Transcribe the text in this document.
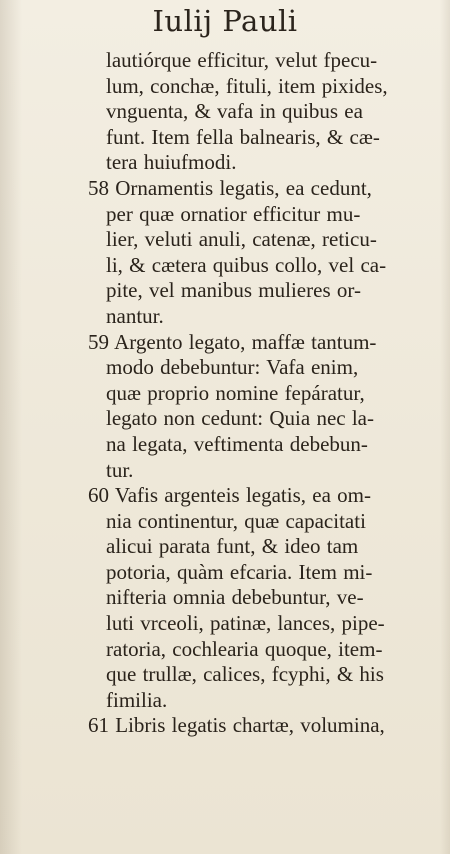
Iulij Pauli
lautiórque efficitur, velut fpecu-
lum, conchæ, fituli, item pixides,
vnguenta, & vafa in quibus ea
funt. Item fella balnearis, & cæ-
tera huiufmodi.
58 Ornamentis legatis, ea cedunt,
per quæ ornatior efficitur mu-
lier, veluti anuli, catenæ, reticu-
li, & cætera quibus collo, vel ca-
pite, vel manibus mulieres or-
nantur.
59 Argento legato, maffæ tantum-
modo debebuntur: Vafa enim,
quæ proprio nomine fepáratur,
legato non cedunt: Quia nec la-
na legata, veftimenta debebun-
tur.
60 Vafis argenteis legatis, ea om-
nia continentur, quæ capacitati
alicui parata funt, & ideo tam
potoria, quàm efcaria. Item mi-
nifteria omnia debebuntur, ve-
luti vrceoli, patinæ, lances, pipe-
ratoria, cochlearia quoque, item-
que trullæ, calices, fcyphi, & his
fimilia.
61 Libris legatis chartæ, volumina,
